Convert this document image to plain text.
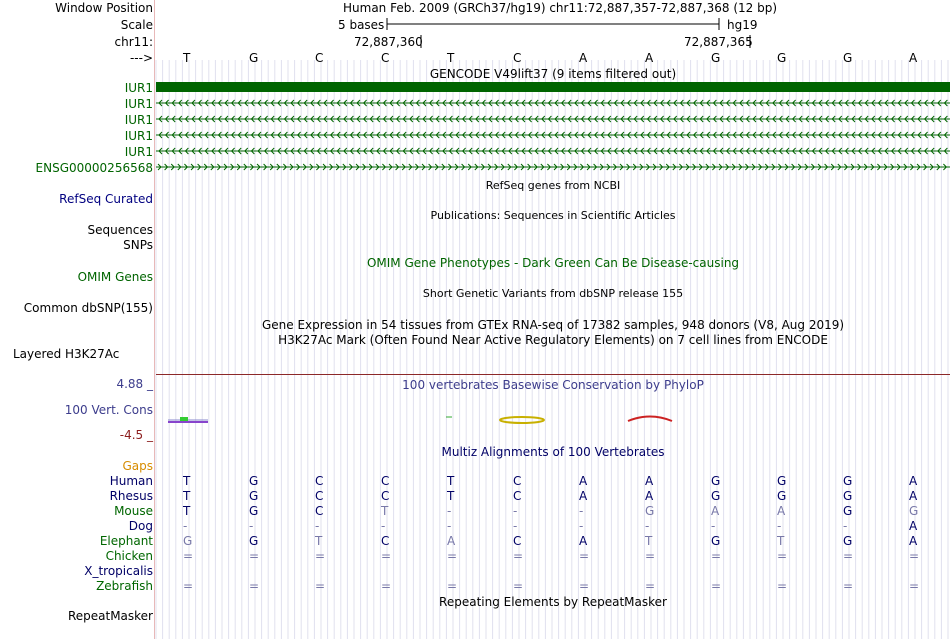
Window Position	Human Feb. 2009 (GRCh37/hg19) chr11:72,887,357-72,887,368 (12 bp)
Scale	5 bases	hg19
chr11:	72,887,360	72,887,365
--->	T	G	C	C	T	C	A	A	G	G	G	A
GENCODE V49lift37 (9 items filtered out)
IUR1
IUR1
IUR1
IUR1
IUR1
ENSG00000256568
RefSeq genes from NCBI
RefSeq Curated
Publications: Sequences in Scientific Articles
Sequences
SNPs
OMIM Gene Phenotypes - Dark Green Can Be Disease-causing
OMIM Genes
Short Genetic Variants from dbSNP release 155
Common dbSNP(155)
Gene Expression in 54 tissues from GTEx RNA-seq of 17382 samples, 948 donors (V8, Aug 2019)
H3K27Ac Mark (Often Found Near Active Regulatory Elements) on 7 cell lines from ENCODE
Layered H3K27Ac
100 vertebrates Basewise Conservation by PhyloP
4.88 _
100 Vert. Cons
-4.5 _
Multiz Alignments of 100 Vertebrates
Gaps
Human	T	G	C	C	T	C	A	A	G	G	G	A
Rhesus	T	G	C	C	T	C	A	A	G	G	G	A
Mouse	T	G	C	T	-	-	-	G	A	A	G	G
Dog	-	-	-	-	-	-	-	-	-	-	-	A
Elephant	G	G	T	C	A	C	A	T	G	T	G	A
Chicken	=	=	=	=	=	=	=	=	=	=	=	=
X_tropicalis
Zebrafish	=	=	=	=	=	=	=	=	=	=	=	=
Repeating Elements by RepeatMasker
RepeatMasker
